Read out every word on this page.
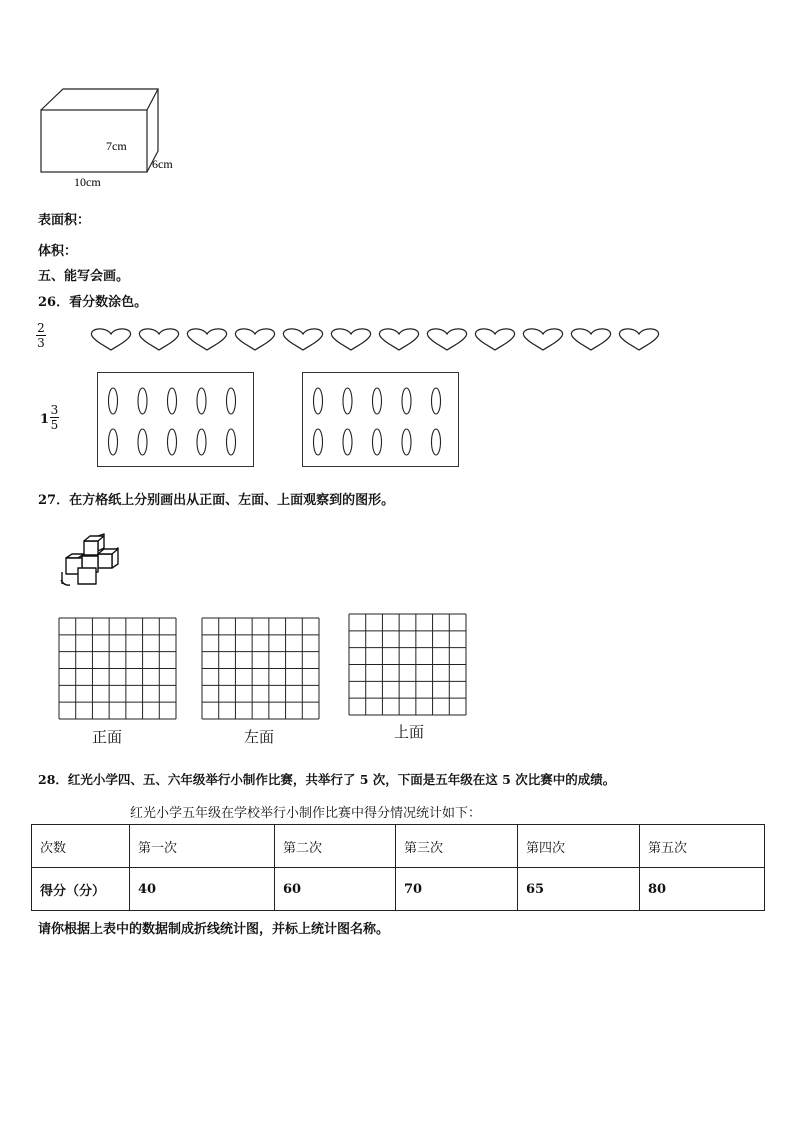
7cm
6cm
10cm
表面积：
体积：
五、能写会画。
26．看分数涂色。
2
3
1
3
5
27．在方格纸上分别画出从正面、左面、上面观察到的图形。
正面	左面	上面
28．红光小学四、五、六年级举行小制作比赛，共举行了 5 次，下面是五年级在这 5 次比赛中的成绩。
红光小学五年级在学校举行小制作比赛中得分情况统计如下：
次数	第一次	第二次	第三次	第四次	第五次
得分（分）	40	60	70	65	80
请你根据上表中的数据制成折线统计图，并标上统计图名称。
